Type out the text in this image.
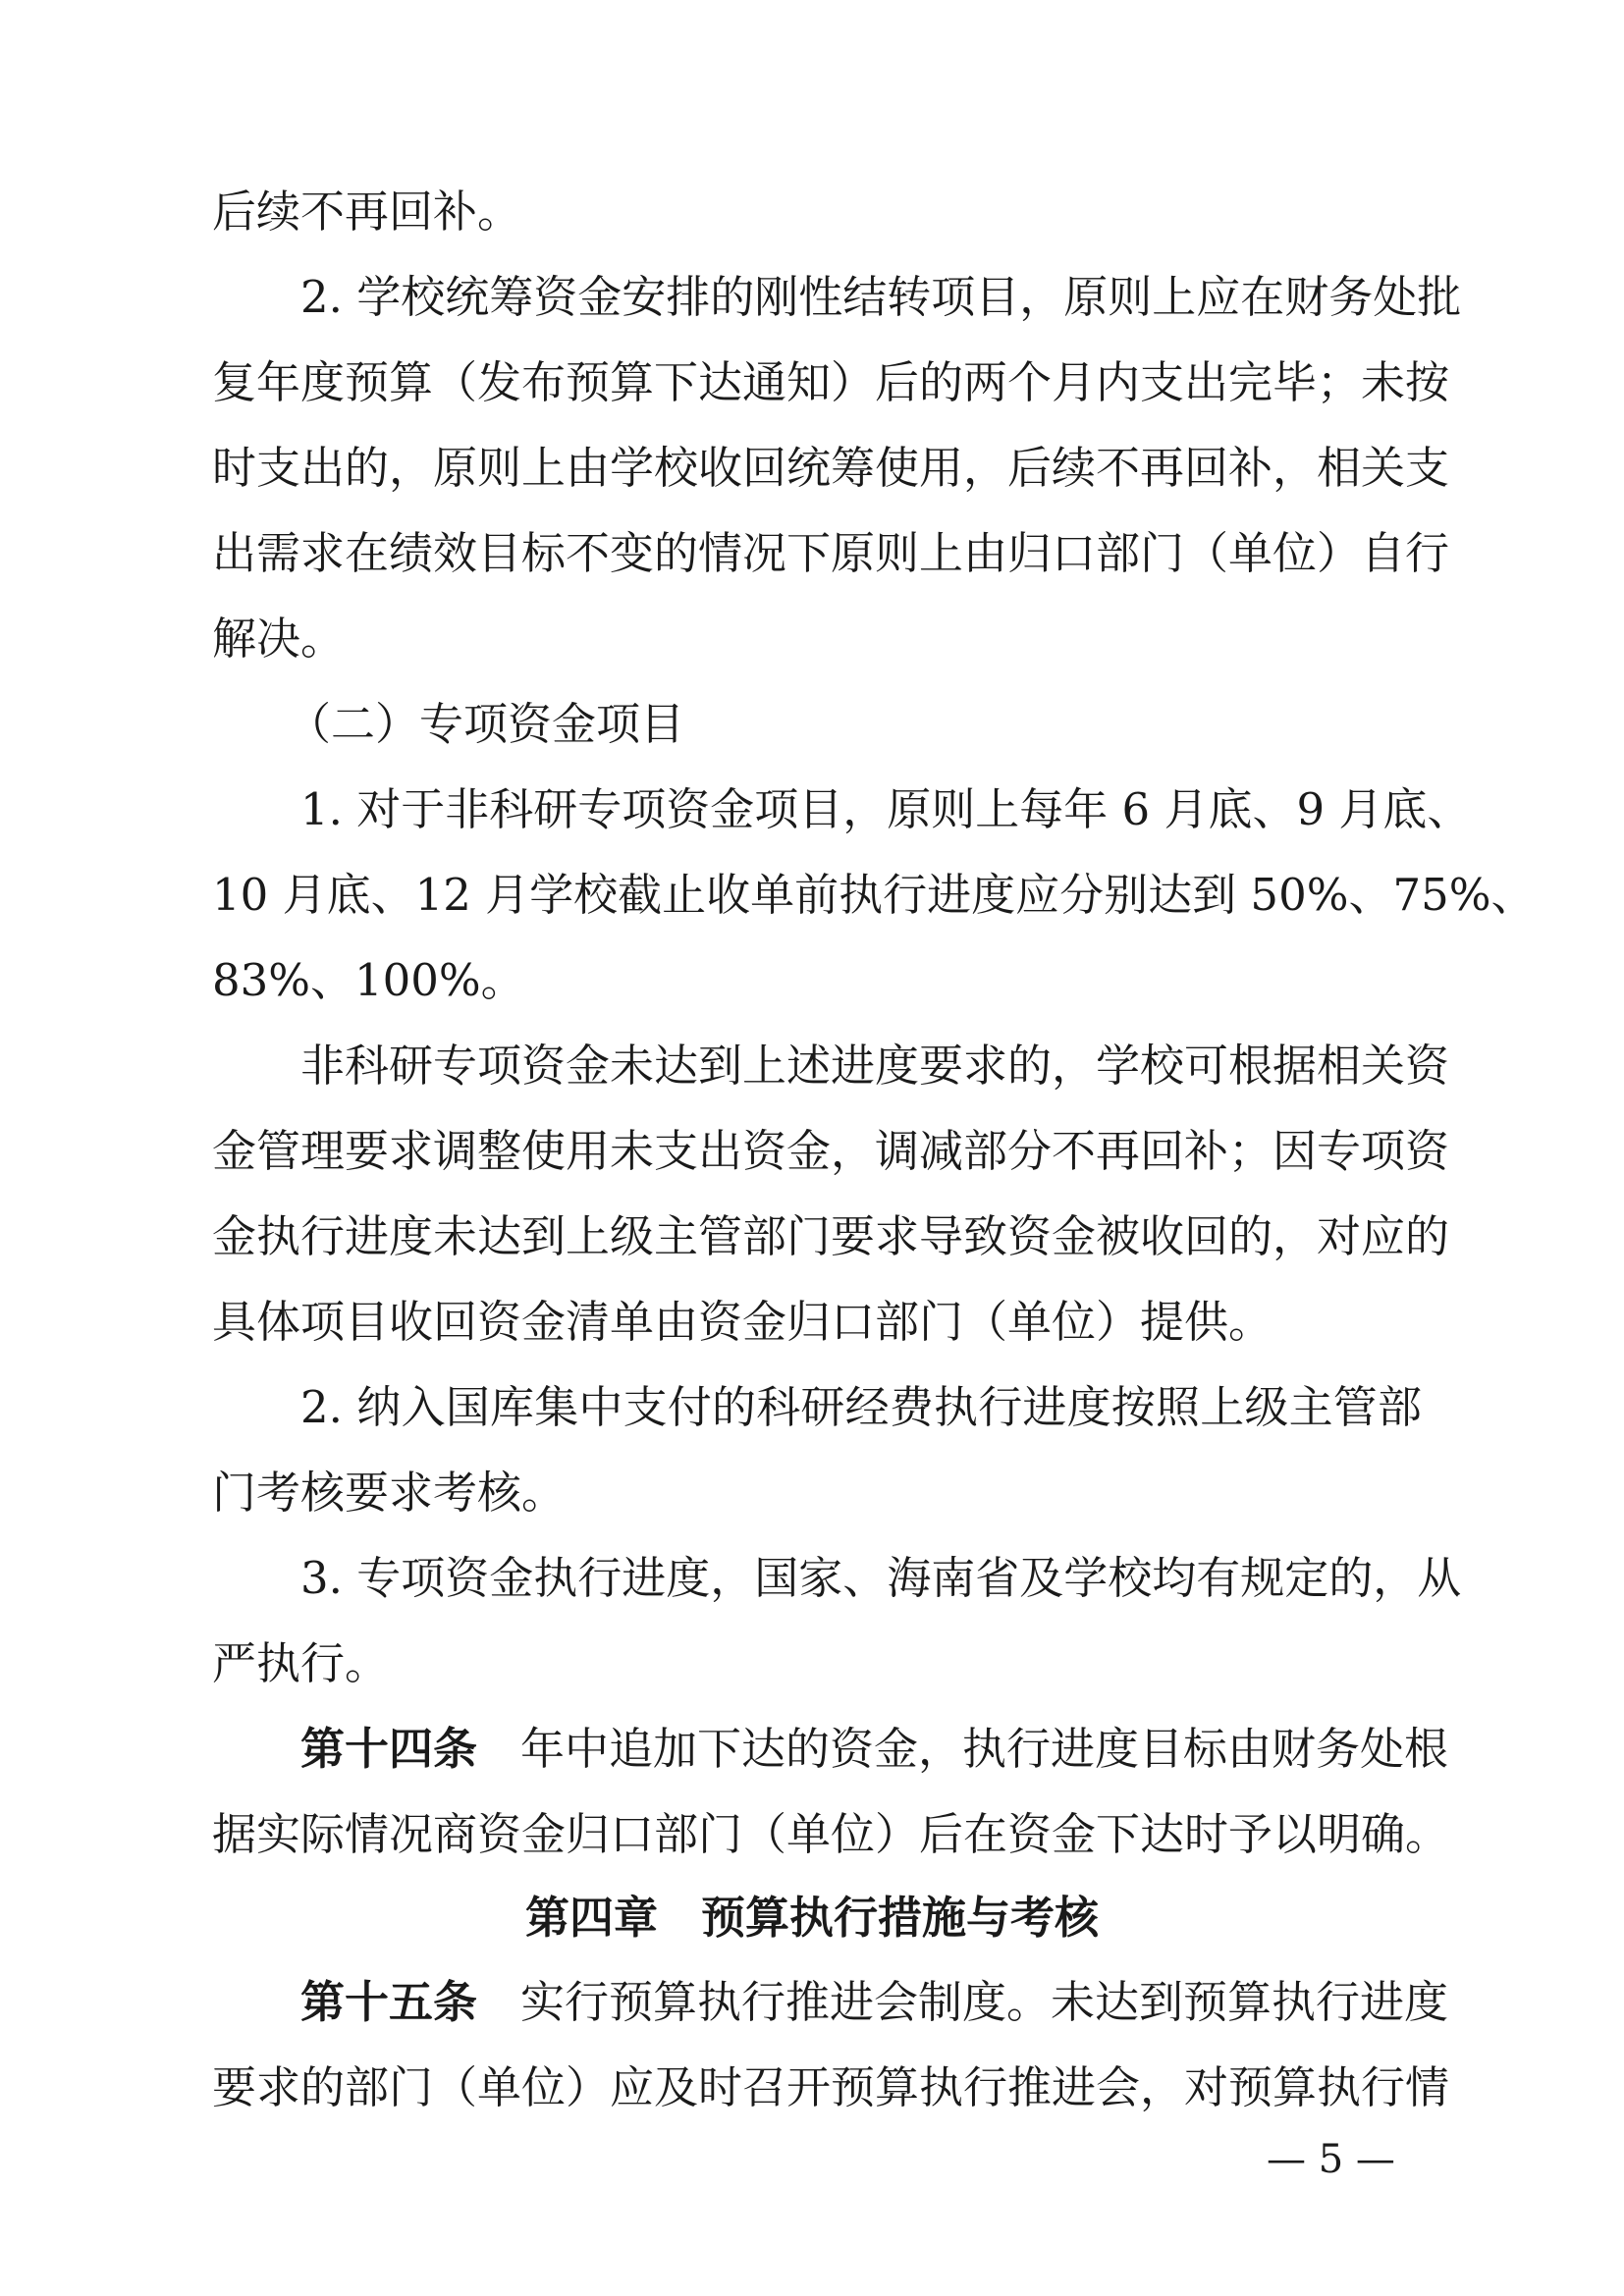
后续不再回补。
2. 学校统筹资金安排的刚性结转项目，原则上应在财务处批
复年度预算（发布预算下达通知）后的两个月内支出完毕；未按
时支出的，原则上由学校收回统筹使用，后续不再回补，相关支
出需求在绩效目标不变的情况下原则上由归口部门（单位）自行
解决。
（二）专项资金项目
1. 对于非科研专项资金项目，原则上每年 6 月底、9 月底、
10 月底、12 月学校截止收单前执行进度应分别达到 50%、75%、
83%、100%。
非科研专项资金未达到上述进度要求的，学校可根据相关资
金管理要求调整使用未支出资金，调减部分不再回补；因专项资
金执行进度未达到上级主管部门要求导致资金被收回的，对应的
具体项目收回资金清单由资金归口部门（单位）提供。
2. 纳入国库集中支付的科研经费执行进度按照上级主管部
门考核要求考核。
3. 专项资金执行进度，国家、海南省及学校均有规定的，从
严执行。
第十四条 年中追加下达的资金，执行进度目标由财务处根
据实际情况商资金归口部门（单位）后在资金下达时予以明确。
第四章 预算执行措施与考核
第十五条 实行预算执行推进会制度。未达到预算执行进度
要求的部门（单位）应及时召开预算执行推进会，对预算执行情
— 5 —
